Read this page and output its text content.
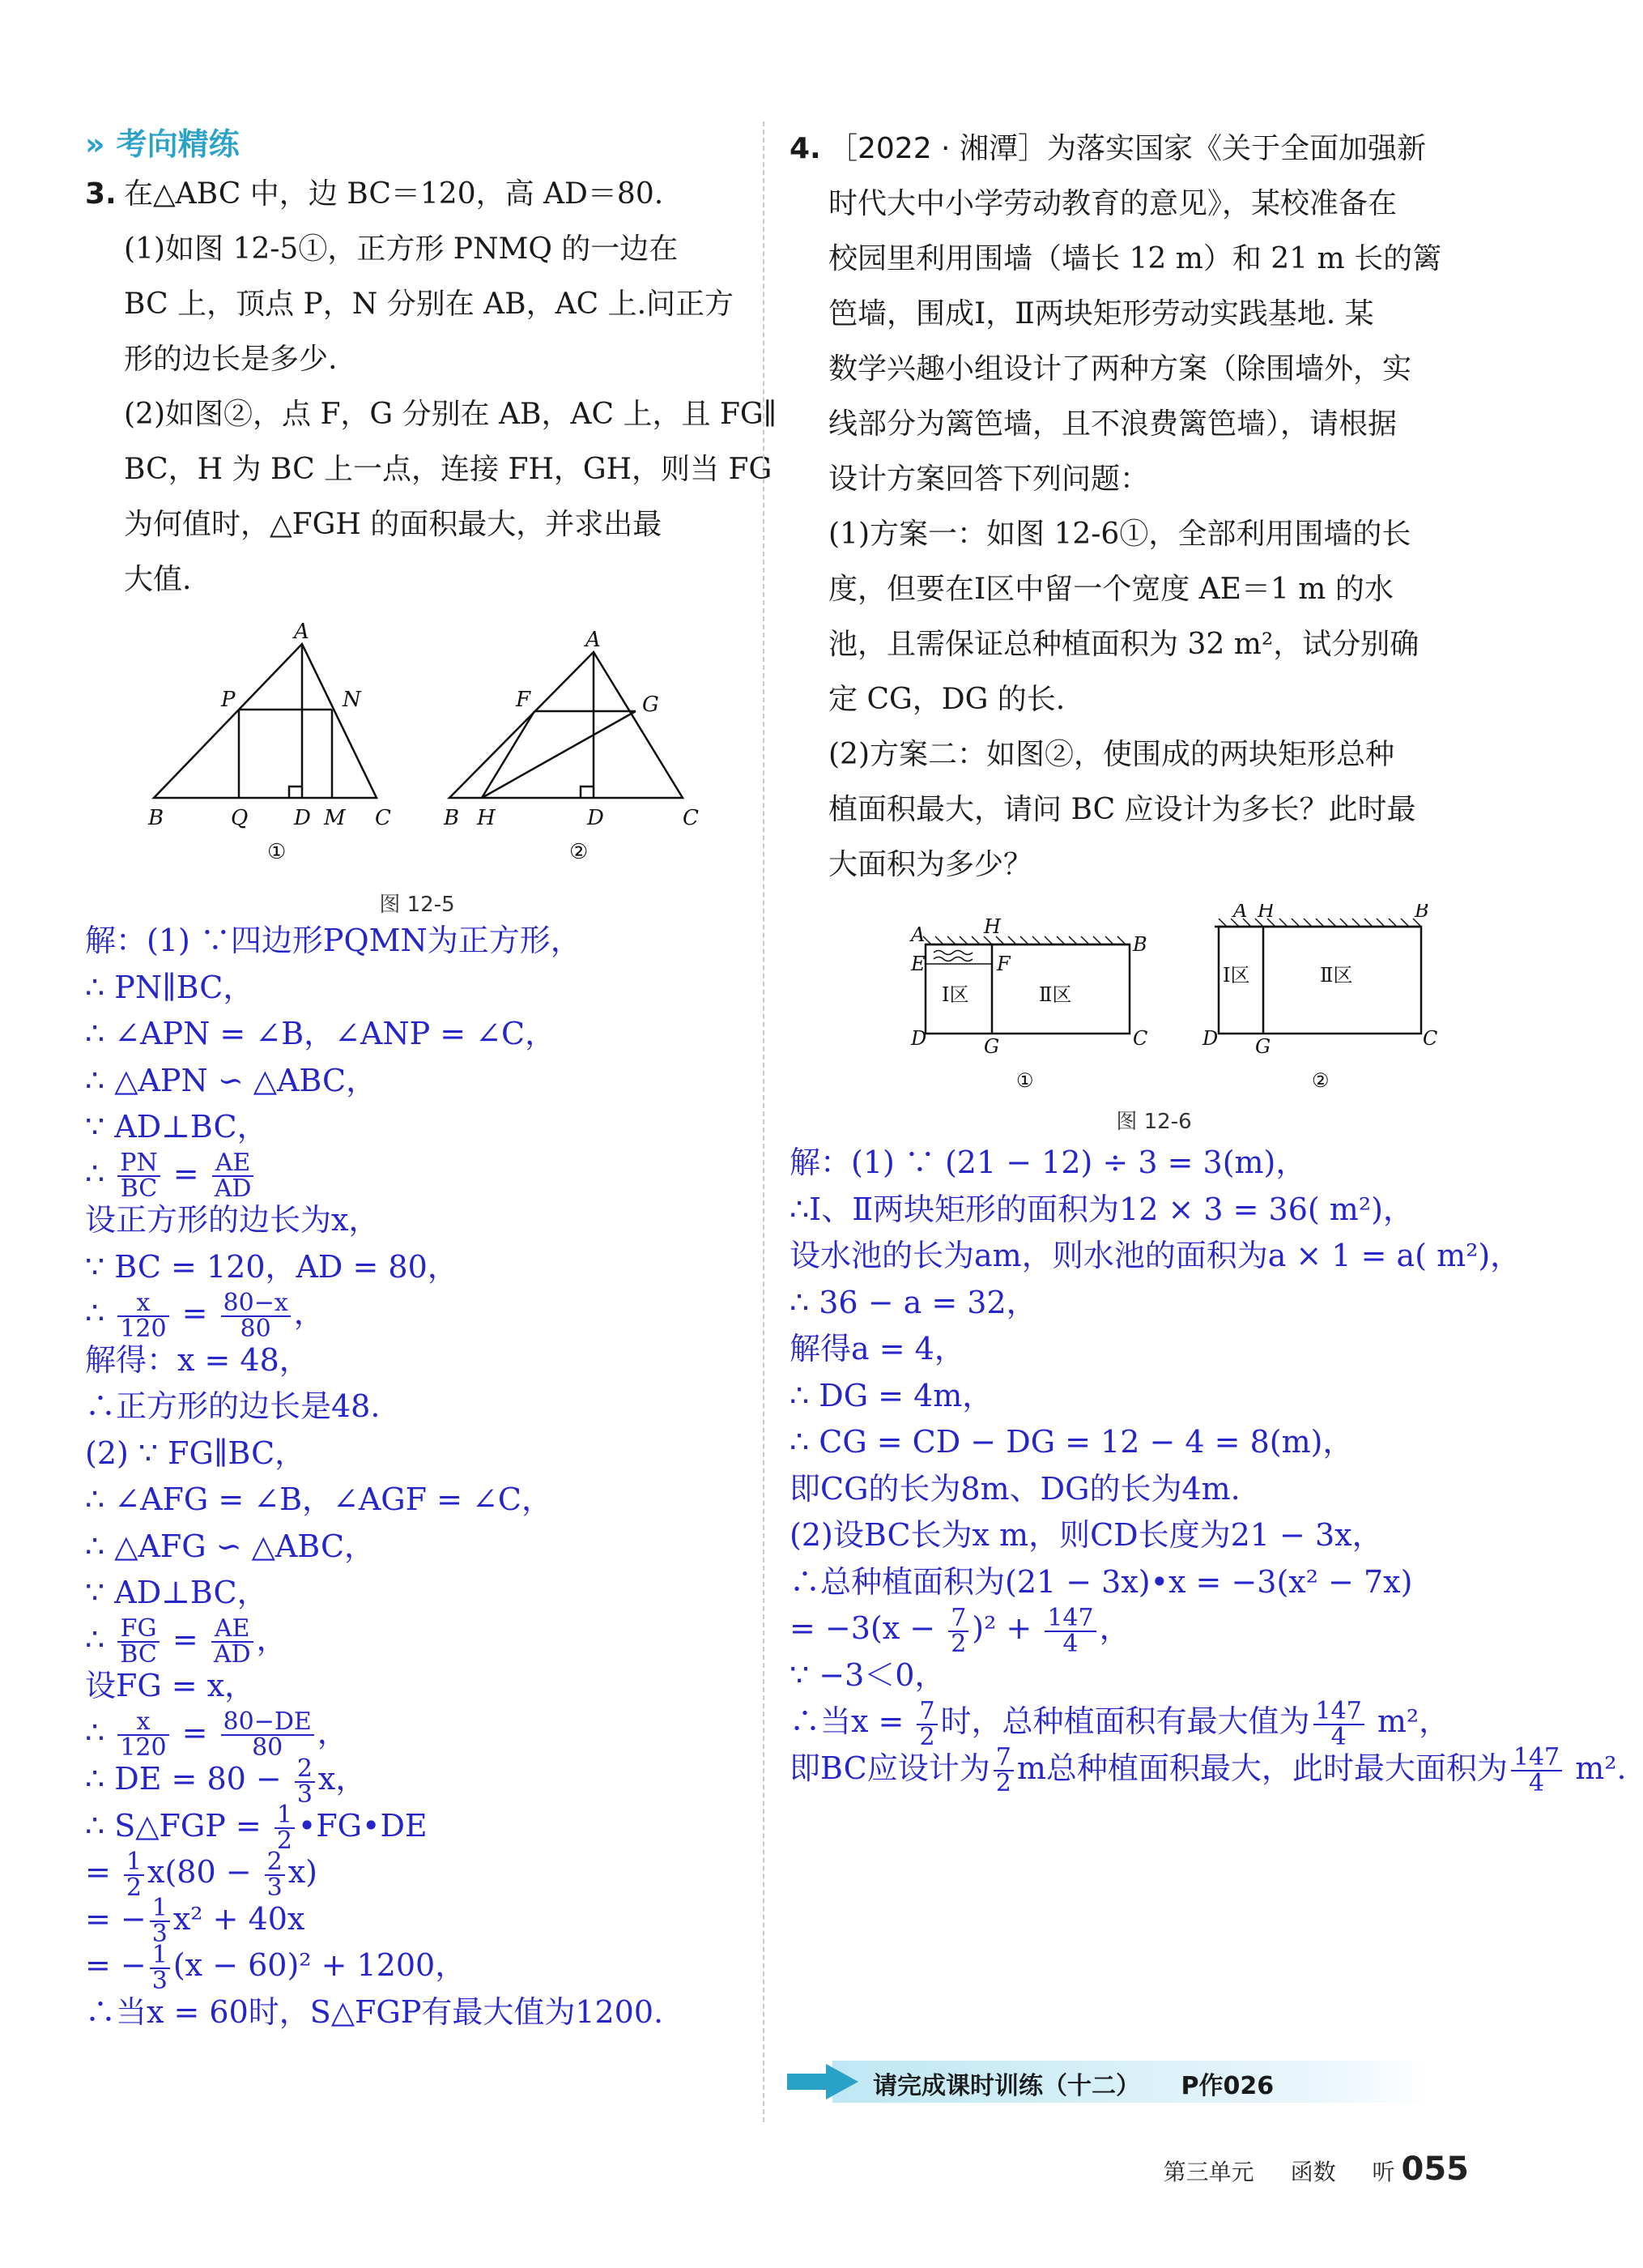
» 考向精练
3. 在△ABC 中，边 BC＝120，高 AD＝80.
(1)如图 12-5①，正方形 PNMQ 的一边在
BC 上，顶点 P，N 分别在 AB，AC 上.问正方
形的边长是多少.
(2)如图②，点 F，G 分别在 AB，AC 上，且 FG∥
BC，H 为 BC 上一点，连接 FH，GH，则当 FG
为何值时，△FGH 的面积最大，并求出最
大值.
A
P	N
B	Q D M C
①
A
F	G
B H	D	C
②
图 12-5
解：(1) ∵四边形PQMN为正方形，
∴ PN∥BC，
∴ ∠APN = ∠B，∠ANP = ∠C，
∴ △APN ∽ △ABC，
∵ AD⊥BC，
∴ $\frac{PN}{BC} = \frac{AE}{AD}$
设正方形的边长为x，
∵ BC = 120，AD = 80，
∴ $\frac{x}{120} = \frac{80-x}{80}$ ，
解得：x = 48，
∴正方形的边长是48.
(2) ∵ FG∥BC，
∴ ∠AFG = ∠B，∠AGF = ∠C，
∴ △AFG ∽ △ABC，
∵ AD⊥BC，
∴ $\frac{FG}{BC} = \frac{AE}{AD}$ ，
设FG = x，
∴ $\frac{x}{120} = \frac{80-DE}{80}$ ，
∴ DE = $80 - \frac{2}{3}$ x，
∴ S△FGP = $\frac{1}{2}$ •FG•DE
= $\frac{1}{2} x(80 - \frac{2}{3} x)$
= − $\frac{1}{3} x^2 + 40x$
= − $\frac{1}{3} (x - 60)^2 + 1200$，
∴当x = 60时，S△FGP有最大值为1200.
4. ［2022 · 湘潭］为落实国家《关于全面加强新
时代大中小学劳动教育的意见》，某校准备在
校园里利用围墙（墙长 12 m）和 21 m 长的篱
笆墙，围成Ⅰ，Ⅱ两块矩形劳动实践基地. 某
数学兴趣小组设计了两种方案（除围墙外，实
线部分为篱笆墙，且不浪费篱笆墙），请根据
设计方案回答下列问题：
(1)方案一：如图 12-6①，全部利用围墙的长
度，但要在Ⅰ区中留一个宽度 AE＝1 m 的水
池，且需保证总种植面积为 32 m²，试分别确
定 CG，DG 的长.
(2)方案二：如图②，使围成的两块矩形总种
植面积最大，请问 BC 应设计为多长？此时最
大面积为多少？
A	H
B
E	F
D	G	C
Ⅰ区	Ⅱ区
①
A H	B
D G	C
Ⅰ区	Ⅱ区
②
图 12-6
解：(1) ∵ (21 − 12) ÷ 3 = 3(m)，
∴Ⅰ、Ⅱ两块矩形的面积为12 × 3 = 36( m²)，
设水池的长为am，则水池的面积为a × 1 = a( m²)，
∴ 36 − a = 32，
解得a = 4，
∴ DG = 4m，
∴ CG = CD − DG = 12 − 4 = 8(m)，
即CG的长为8m、DG的长为4m.
(2)设BC长为x m，则CD长度为21 − 3x，
∴总种植面积为(21 − 3x)•x = −3(x² − 7x)
= $-3(x - \frac{7}{2} )^2 + \frac{147}{4}$ ，
∵ −3＜0，
∴当$x = \frac{7}{2}$ 时，总种植面积有最大值为 $\frac{147}{4} m^2$，
即BC应设计为 $\frac{7}{2}$ m总种植面积最大，此时最大面积为 $\frac{147}{4} m^2$.
请完成课时训练（十二） P作026
第三单元 函数 听 055
